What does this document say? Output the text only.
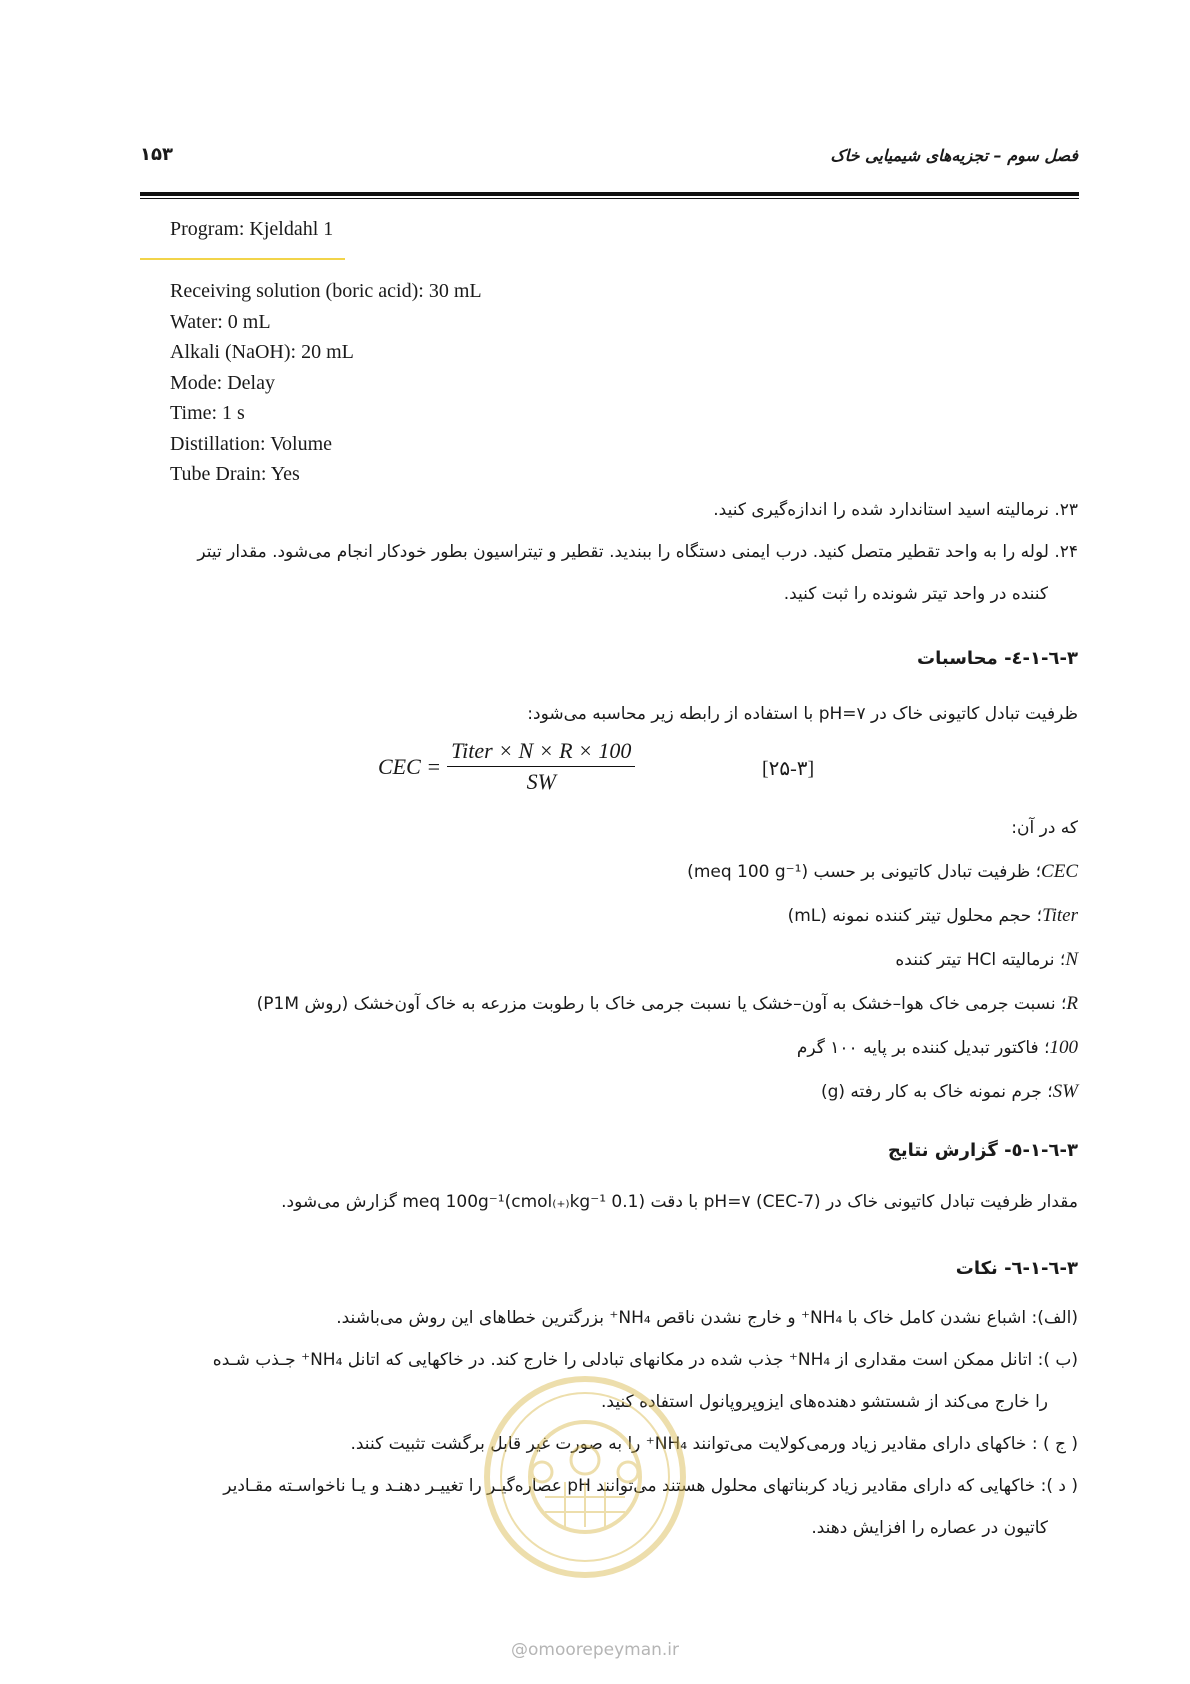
فصل سوم – تجزیه‌های شیمیایی خاک
۱۵۳
Program: Kjeldahl 1
Receiving solution (boric acid): 30 mL
Water: 0 mL
Alkali (NaOH): 20 mL
Mode: Delay
Time: 1 s
Distillation: Volume
Tube Drain: Yes
۲۳. نرمالیته اسید استاندارد شده را اندازه‌گیری کنید.
۲۴. لوله را به واحد تقطیر متصل کنید. درب ایمنی دستگاه را ببندید. تقطیر و تیتراسیون بطور خودکار انجام می‌شود. مقدار تیتر
کننده در واحد تیتر شونده را ثبت کنید.
۳-٦-۱-٤- محاسبات
ظرفیت تبادل کاتیونی خاک در pH=۷ با استفاده از رابطه زیر محاسبه می‌شود:
CEC = $\frac{\text{Titer × N × R × 100}}{SW}$	[۲۵-۳]
که در آن:
CEC؛ ظرفیت تبادل کاتیونی بر حسب (meq 100 g⁻¹)
Titer؛ حجم محلول تیتر کننده نمونه (mL)
N؛ نرمالیته HCl تیتر کننده
R؛ نسبت جرمی خاک هوا–خشک به آون–خشک یا نسبت جرمی خاک با رطوبت مزرعه به خاک آون‌خشک (روش P1M)
100؛ فاکتور تبدیل کننده بر پایه ۱۰۰ گرم
SW؛ جرم نمونه خاک به کار رفته (g)
۳-٦-۱-٥- گزارش نتایج
مقدار ظرفیت تبادل کاتیونی خاک در pH=۷ (CEC-7) با دقت (0.1 meq 100g⁻¹(cmol₍₊₎kg⁻¹ گزارش می‌شود.
۳-٦-۱-٦- نکات
(الف): اشباع نشدن کامل خاک با NH₄⁺ و خارج نشدن ناقص NH₄⁺ بزرگترین خطاهای این روش می‌باشند.
(ب ): اتانل ممکن است مقداری از NH₄⁺ جذب شده در مکانهای تبادلی را خارج کند. در خاکهایی که اتانل NH₄⁺ جـذب شـده
را خارج می‌کند از شستشو دهنده‌های ایزوپروپانول استفاده کنید.
( ج ) : خاکهای دارای مقادیر زیاد ورمی‌کولایت می‌توانند NH₄⁺ را به صورت غیر قابل برگشت تثبیت کنند.
( د ): خاکهایی که دارای مقادیر زیاد کربناتهای محلول هستند می‌توانند pH عصاره‌گیـر را تغییـر دهنـد و یـا ناخواسـته مقـادیر
کاتیون در عصاره را افزایش دهند.
@omoorepeyman.ir
